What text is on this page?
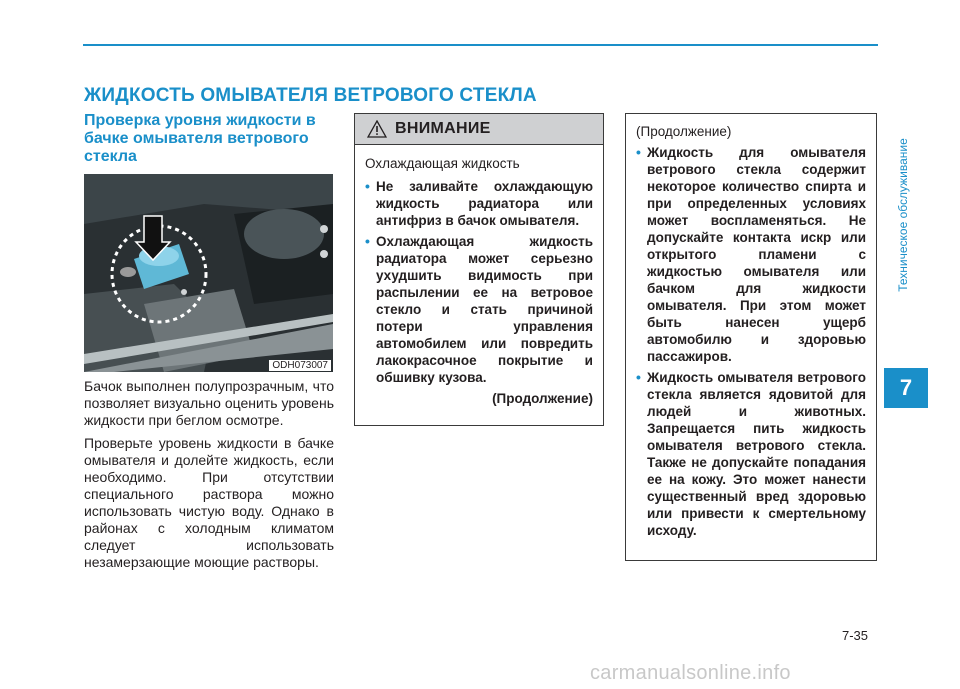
ЖИДКОСТЬ ОМЫВАТЕЛЯ ВЕТРОВОГО СТЕКЛА
Проверка уровня жидкости в бачке омывателя ветрового стекла
ODH073007

Бачок выполнен полупрозрачным, что позволяет визуально оценить уровень жидкости при беглом осмотре.

Проверьте уровень жидкости в бачке омывателя и долейте жидкость, если необходимо. При отсутствии специального раствора можно использовать чистую воду. Однако в районах с холодным климатом следует использовать незамерзающие моющие растворы.

ВНИМАНИЕ
Охлаждающая жидкость
• Не заливайте охлаждающую жидкость радиатора или антифриз в бачок омывателя.
• Охлаждающая жидкость радиатора может серьезно ухудшить видимость при распылении ее на ветровое стекло и стать причиной потери управления автомобилем или повредить лакокрасочное покрытие и обшивку кузова.
(Продолжение)
(Продолжение)
• Жидкость для омывателя ветрового стекла содержит некоторое количество спирта и при определенных условиях может воспламеняться. Не допускайте контакта искр или открытого пламени с жидкостью омывателя или бачком для жидкости омывателя. При этом может быть нанесен ущерб автомобилю и здоровью пассажиров.
• Жидкость омывателя ветрового стекла является ядовитой для людей и животных. Запрещается пить жидкость омывателя ветрового стекла. Также не допускайте попадания ее на кожу. Это может нанести существенный вред здоровью или привести к смертельному исходу.
Техническое обслуживание
7
7-35
carmanualsonline.info
